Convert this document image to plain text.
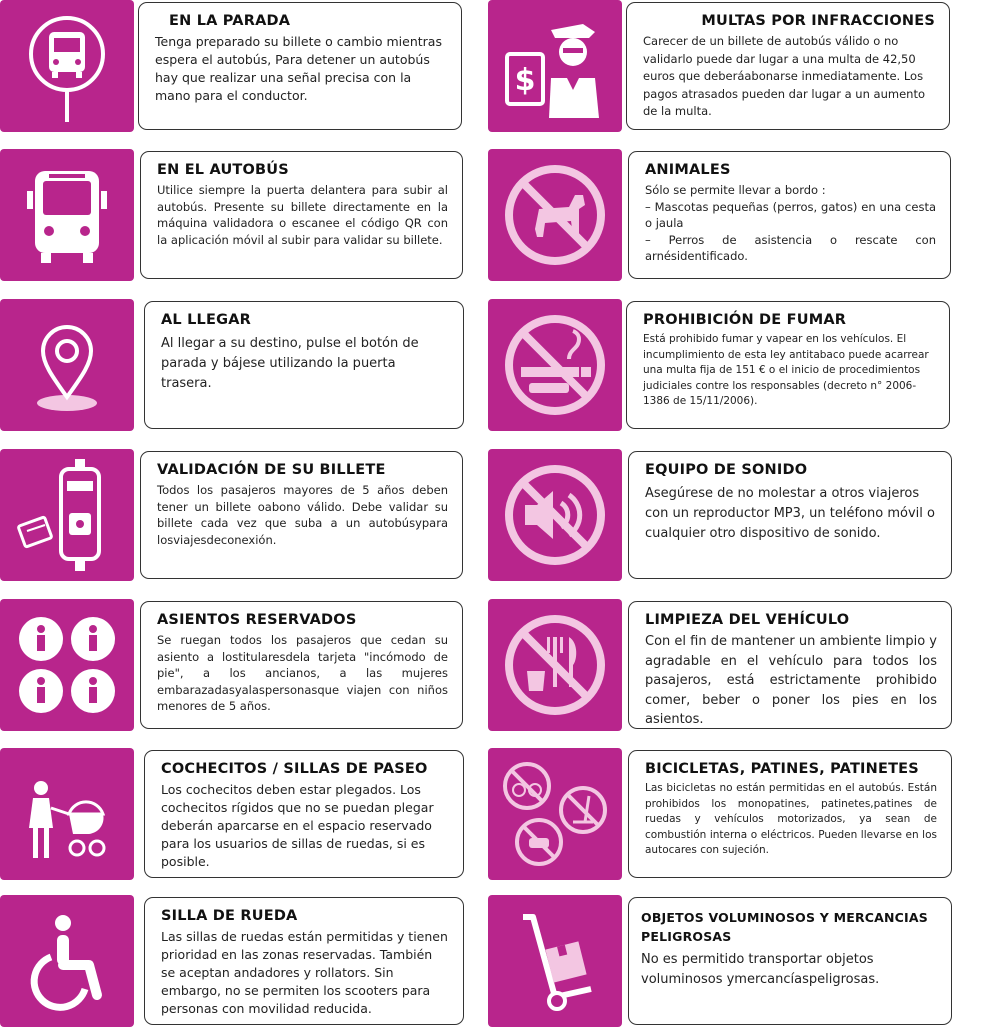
EN LA PARADA

Tenga preparado su billete o cambio mientras espera el autobús, Para detener un autobús hay que realizar una señal precisa con la mano para el conductor.

EN EL AUTOBÚS

Utilice siempre la puerta delantera para subir al autobús. Presente su billete directamente en la máquina validadora o escanee el código QR con la aplicación móvil al subir para validar su billete.

AL LLEGAR

Al llegar a su destino, pulse el botón de parada y bájese utilizando la puerta trasera.

VALIDACIÓN DE SU BILLETE

Todos los pasajeros mayores de 5 años deben tener un billete oabono válido. Debe validar su billete cada vez que suba a un autobúsypara losviajesdeconexión.

ASIENTOS RESERVADOS

Se ruegan todos los pasajeros que cedan su asiento a lostitularesdela tarjeta "incómodo de pie", a los ancianos, a las mujeres embarazadasyalaspersonasque viajen con niños menores de 5 años.

COCHECITOS / SILLAS DE PASEO

Los cochecitos deben estar plegados. Los cochecitos rígidos que no se puedan plegar deberán aparcarse en el espacio reservado para los usuarios de sillas de ruedas, si es posible.

SILLA DE RUEDA

Las sillas de ruedas están permitidas y tienen prioridad en las zonas reservadas. También se aceptan andadores y rollators. Sin embargo, no se permiten los scooters para personas con movilidad reducida.

$
MULTAS POR INFRACCIONES

Carecer de un billete de autobús válido o no validarlo puede dar lugar a una multa de 42,50 euros que deberáabonarse inmediatamente. Los pagos atrasados pueden dar lugar a un aumento de la multa.

ANIMALES

Sólo se permite llevar a bordo :
– Mascotas pequeñas (perros, gatos) en una cesta o jaula
– Perros de asistencia o rescate con arnésidentificado.

PROHIBICIÓN DE FUMAR

Está prohibido fumar y vapear en los vehículos. El incumplimiento de esta ley antitabaco puede acarrear una multa fija de 151 € o el inicio de procedimientos judiciales contre los responsables (decreto n° 2006-1386 de 15/11/2006).

EQUIPO DE SONIDO

Asegúrese de no molestar a otros viajeros con un reproductor MP3, un teléfono móvil o cualquier otro dispositivo de sonido.

LIMPIEZA DEL VEHÍCULO

Con el fin de mantener un ambiente limpio y agradable en el vehículo para todos los pasajeros, está estrictamente prohibido comer, beber o poner los pies en los asientos.

BICICLETAS, PATINES, PATINETES

Las bicicletas no están permitidas en el autobús. Están prohibidos los monopatines, patinetes,patines de ruedas y vehículos motorizados, ya sean de combustión interna o eléctricos. Pueden llevarse en los autocares con sujeción.

OBJETOS VOLUMINOSOS Y MERCANCIAS PELIGROSAS

No es permitido transportar objetos voluminosos ymercancíaspeligrosas.
